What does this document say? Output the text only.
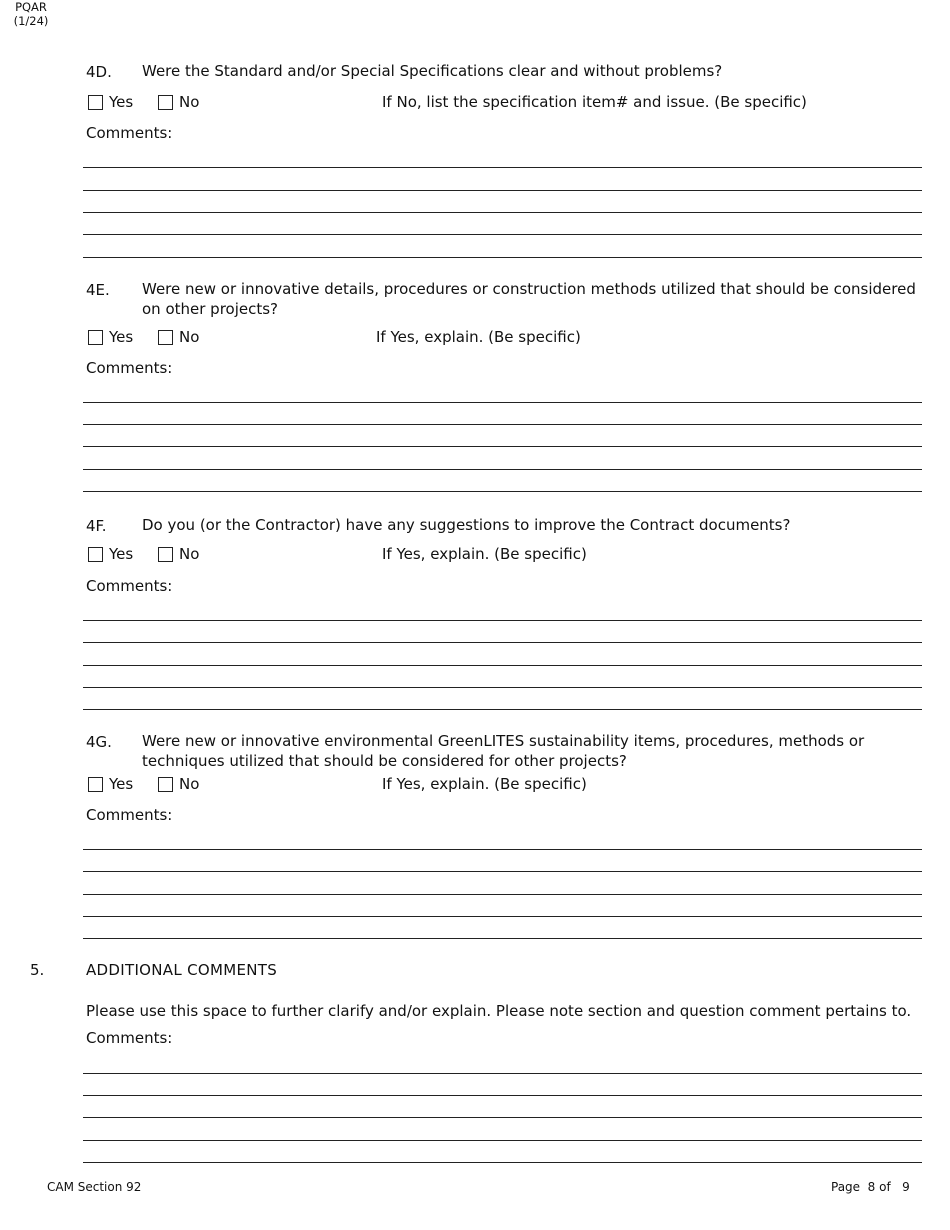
PQAR
(1/24)
4D. Were the Standard and/or Special Specifications clear and without problems?
Yes	No	If No, list the specification item# and issue. (Be specific)
Comments:
4E. Were new or innovative details, procedures or construction methods utilized that should be considered on other projects?
Yes	No	If Yes, explain. (Be specific)
Comments:
4F. Do you (or the Contractor) have any suggestions to improve the Contract documents?
Yes	No	If Yes, explain. (Be specific)
Comments:
4G. Were new or innovative environmental GreenLITES sustainability items, procedures, methods or techniques utilized that should be considered for other projects?
Yes	No	If Yes, explain. (Be specific)
Comments:
5.	ADDITIONAL COMMENTS
Please use this space to further clarify and/or explain. Please note section and question comment pertains to.
Comments:
CAM Section 92	Page  8 of   9
